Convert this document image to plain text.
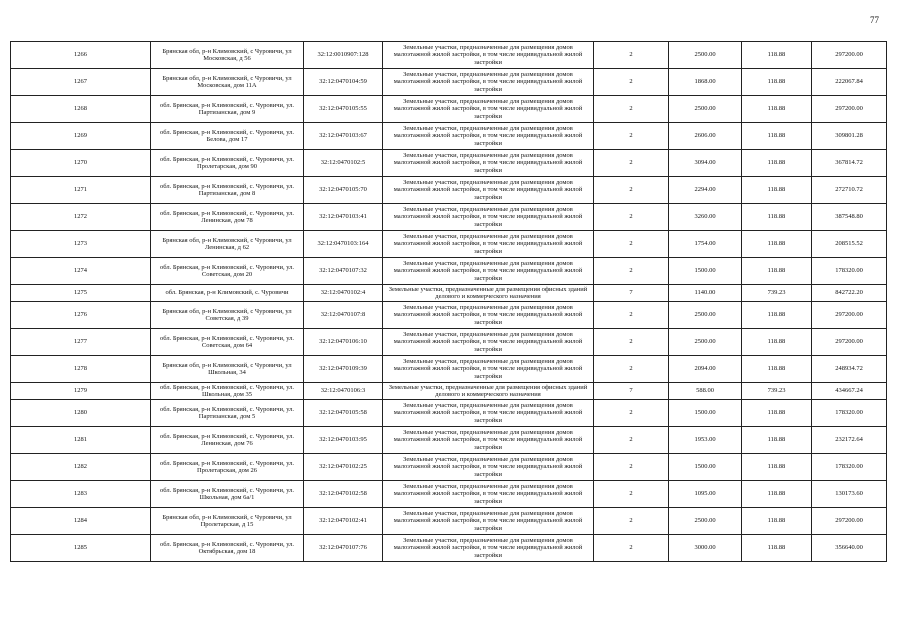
77
1266	Брянская обл, р-н Климовский, с Чуровичи, ул Московская, д 56	32:12:0010907:128	Земельные участки, предназначенные для размещения домов малоэтажной жилой застройки, в том числе индивидуальной жилой застройки	2	2500.00	118.88	297200.00
1267	Брянская обл, р-н Климовский, с Чуровичи, ул Московская, дом 11А	32:12:0470104:59	Земельные участки, предназначенные для размещения домов малоэтажной жилой застройки, в том числе индивидуальной жилой застройки	2	1868.00	118.88	222067.84
1268	обл. Брянская, р-н Климовский, с. Чуровичи, ул. Партизанская, дом 9	32:12:0470105:55	Земельные участки, предназначенные для размещения домов малоэтажной жилой застройки, в том числе индивидуальной жилой застройки	2	2500.00	118.88	297200.00
1269	обл. Брянская, р-н Климовский, с. Чуровичи, ул. Белова, дом 17	32:12:0470103:67	Земельные участки, предназначенные для размещения домов малоэтажной жилой застройки, в том числе индивидуальной жилой застройки	2	2606.00	118.88	309801.28
1270	обл. Брянская, р-н Климовский, с. Чуровичи, ул. Пролетарская, дом 90	32:12:0470102:5	Земельные участки, предназначенные для размещения домов малоэтажной жилой застройки, в том числе индивидуальной жилой застройки	2	3094.00	118.88	367814.72
1271	обл. Брянская, р-н Климовский, с. Чуровичи, ул. Партизанская, дом 8	32:12:0470105:70	Земельные участки, предназначенные для размещения домов малоэтажной жилой застройки, в том числе индивидуальной жилой застройки	2	2294.00	118.88	272710.72
1272	обл. Брянская, р-н Климовский, с. Чуровичи, ул. Ленинская, дом 78	32:12:0470103:41	Земельные участки, предназначенные для размещения домов малоэтажной жилой застройки, в том числе индивидуальной жилой застройки	2	3260.00	118.88	387548.80
1273	Брянская обл, р-н Климовский, с Чуровичи, ул Ленинская, д 62	32:12:0470103:164	Земельные участки, предназначенные для размещения домов малоэтажной жилой застройки, в том числе индивидуальной жилой застройки	2	1754.00	118.88	208515.52
1274	обл. Брянская, р-н Климовский, с. Чуровичи, ул. Советская, дом 20	32:12:0470107:32	Земельные участки, предназначенные для размещения домов малоэтажной жилой застройки, в том числе индивидуальной жилой застройки	2	1500.00	118.88	178320.00
1275	обл. Брянская, р-н Климовский, с. Чуровичи	32:12:0470102:4	Земельные участки, предназначенные для размещения офисных зданий делового и коммерческого назначения	7	1140.00	739.23	842722.20
1276	Брянская обл, р-н Климовский, с Чуровичи, ул Советская, д 39	32:12:0470107:8	Земельные участки, предназначенные для размещения домов малоэтажной жилой застройки, в том числе индивидуальной жилой застройки	2	2500.00	118.88	297200.00
1277	обл. Брянская, р-н Климовский, с. Чуровичи, ул. Советская, дом 64	32:12:0470106:10	Земельные участки, предназначенные для размещения домов малоэтажной жилой застройки, в том числе индивидуальной жилой застройки	2	2500.00	118.88	297200.00
1278	Брянская обл, р-н Климовский, с Чуровичи, ул Школьная, 34	32:12:0470109:39	Земельные участки, предназначенные для размещения домов малоэтажной жилой застройки, в том числе индивидуальной жилой застройки	2	2094.00	118.88	248934.72
1279	обл. Брянская, р-н Климовский, с. Чуровичи, ул. Школьная, дом 35	32:12:0470106:3	Земельные участки, предназначенные для размещения офисных зданий делового и коммерческого назначения	7	588.00	739.23	434667.24
1280	обл. Брянская, р-н Климовский, с. Чуровичи, ул. Партизанская, дом 5	32:12:0470105:58	Земельные участки, предназначенные для размещения домов малоэтажной жилой застройки, в том числе индивидуальной жилой застройки	2	1500.00	118.88	178320.00
1281	обл. Брянская, р-н Климовский, с. Чуровичи, ул. Ленинская, дом 76	32:12:0470103:95	Земельные участки, предназначенные для размещения домов малоэтажной жилой застройки, в том числе индивидуальной жилой застройки	2	1953.00	118.88	232172.64
1282	обл. Брянская, р-н Климовский, с. Чуровичи, ул. Пролетарская, дом 26	32:12:0470102:25	Земельные участки, предназначенные для размещения домов малоэтажной жилой застройки, в том числе индивидуальной жилой застройки	2	1500.00	118.88	178320.00
1283	обл. Брянская, р-н Климовский, с. Чуровичи, ул. Школьная, дом 6а/1	32:12:0470102:58	Земельные участки, предназначенные для размещения домов малоэтажной жилой застройки, в том числе индивидуальной жилой застройки	2	1095.00	118.88	130173.60
1284	Брянская обл, р-н Климовский, с Чуровичи, ул Пролетарская, д 15	32:12:0470102:41	Земельные участки, предназначенные для размещения домов малоэтажной жилой застройки, в том числе индивидуальной жилой застройки	2	2500.00	118.88	297200.00
1285	обл. Брянская, р-н Климовский, с. Чуровичи, ул. Октябрьская, дом 18	32:12:0470107:76	Земельные участки, предназначенные для размещения домов малоэтажной жилой застройки, в том числе индивидуальной жилой застройки	2	3000.00	118.88	356640.00
